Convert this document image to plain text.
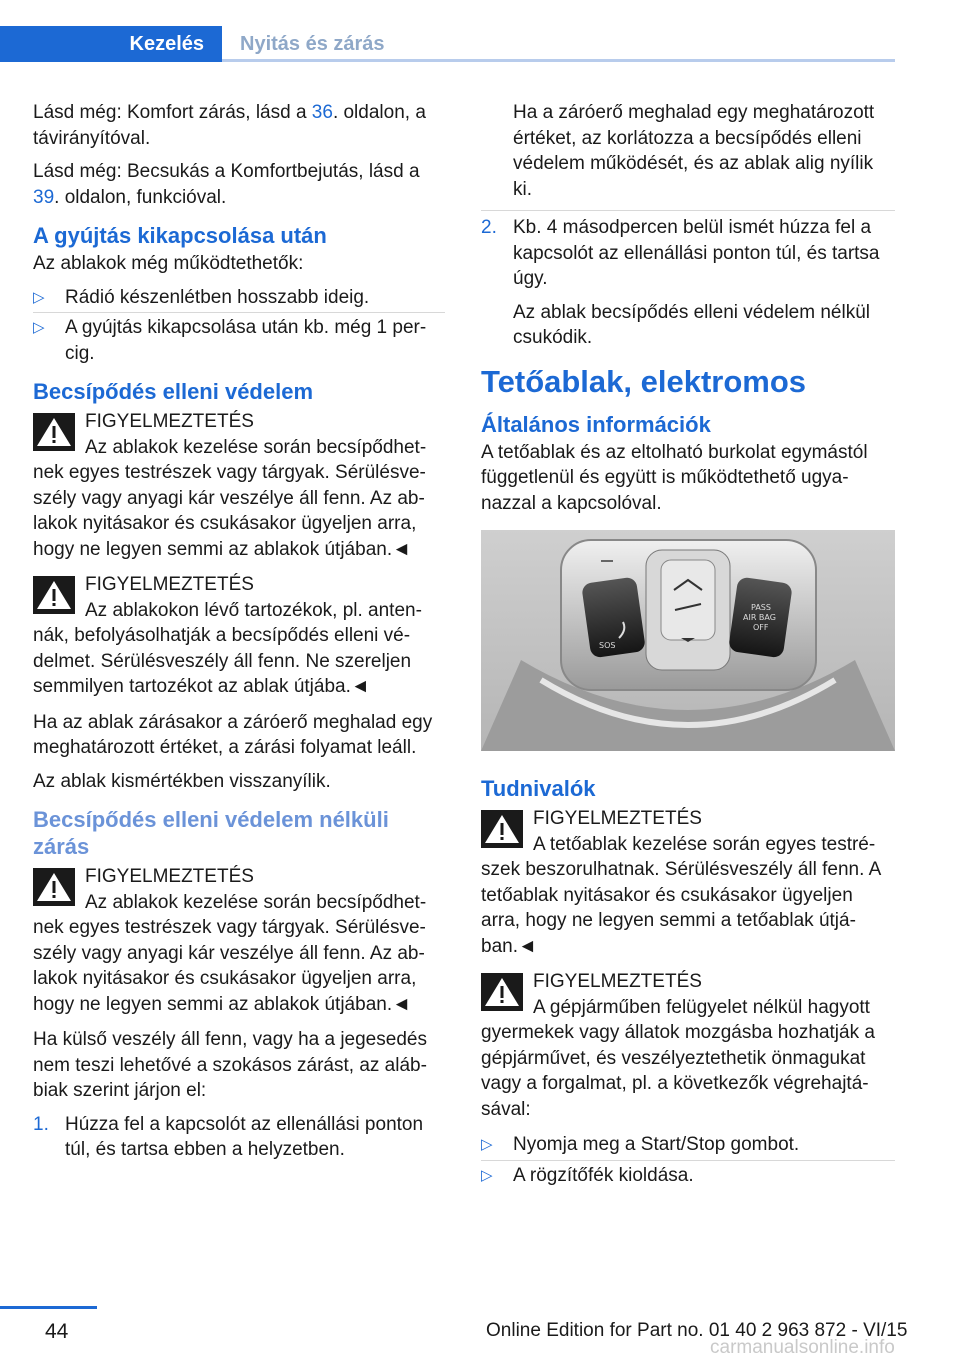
Kezelés Nyitás és zárás

Lásd még: Komfort zárás, lásd a 36. oldalon, a távirányítóval.

Lásd még: Becsukás a Komfortbejutás, lásd a 39. oldalon, funkcióval.

A gyújtás kikapcsolása után

Az ablakok még működtethetők:

▷ Rádió készenlétben hosszabb ideig.
▷ A gyújtás kikapcsolása után kb. még 1 percig.
Becsípődés elleni védelem
FIGYELMEZTETÉS
Az ablakok kezelése során becsípődhetnek egyes testrészek vagy tárgyak. Sérülésveszély vagy anyagi kár veszélye áll fenn. Az ablakok nyitásakor és csukásakor ügyeljen arra, hogy ne legyen semmi az ablakok útjában.◄
FIGYELMEZTETÉS
Az ablakokon lévő tartozékok, pl. antennák, befolyásolhatják a becsípődés elleni védelmet. Sérülésveszély áll fenn. Ne szereljen semmilyen tartozékot az ablak útjába.◄

Ha az ablak zárásakor a záróerő meghalad egy meghatározott értéket, a zárási folyamat leáll.

Az ablak kismértékben visszanyílik.

Becsípődés elleni védelem nélküli zárás
FIGYELMEZTETÉS
Az ablakok kezelése során becsípődhetnek egyes testrészek vagy tárgyak. Sérülésveszély vagy anyagi kár veszélye áll fenn. Az ablakok nyitásakor és csukásakor ügyeljen arra, hogy ne legyen semmi az ablakok útjában.◄

Ha külső veszély áll fenn, vagy ha a jegesedés nem teszi lehetővé a szokásos zárást, az alábbiak szerint járjon el:

1. Húzza fel a kapcsolót az ellenállási ponton túl, és tartsa ebben a helyzetben.
Ha a záróerő meghalad egy meghatározott értéket, az korlátozza a becsípődés elleni védelem működését, és az ablak alig nyílik ki.
2. Kb. 4 másodpercen belül ismét húzza fel a kapcsolót az ellenállási ponton túl, és tartsa úgy.
Az ablak becsípődés elleni védelem nélkül csukódik.
Tetőablak, elektromos
Általános információk

A tetőablak és az eltolható burkolat egymástól függetlenül és együtt is működtethető ugyanazzal a kapcsolóval.

SOS
PASS
AIR BAG
OFF
Tudnivalók
FIGYELMEZTETÉS
A tetőablak kezelése során egyes testrészek beszorulhatnak. Sérülésveszély áll fenn. A tetőablak nyitásakor és csukásakor ügyeljen arra, hogy ne legyen semmi a tetőablak útjában.◄
FIGYELMEZTETÉS
A gépjárműben felügyelet nélkül hagyott gyermekek vagy állatok mozgásba hozhatják a gépjárművet, és veszélyeztethetik önmagukat vagy a forgalmat, pl. a következők végrehajtásával:
▷ Nyomja meg a Start/Stop gombot.
▷ A rögzítőfék kioldása.
44	Online Edition for Part no. 01 40 2 963 872 - VI/15
carmanualsonline.info
